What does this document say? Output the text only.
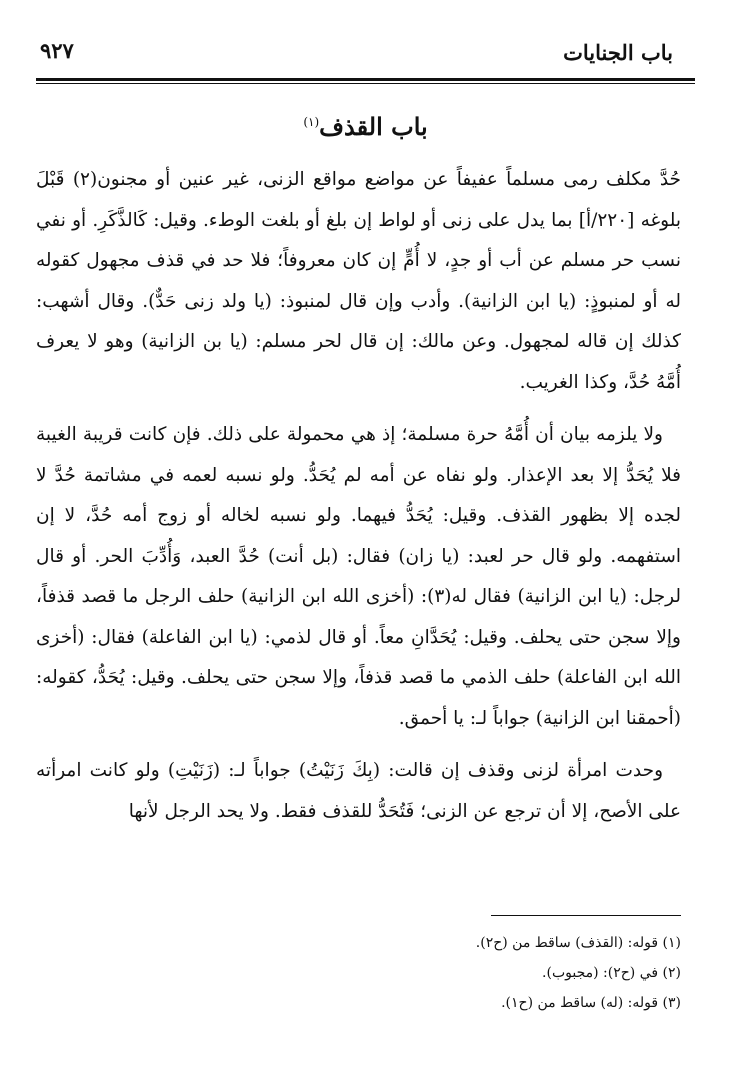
باب الجنايات
٩٢٧
باب القذف$^{(١)}$

حُدَّ مكلف رمى مسلماً عفيفاً عن مواضع مواقع الزنى، غير عنين أو مجنون(٢) قَبْلَ بلوغه [٢٢٠/أ] بما يدل على زنى أو لواط إن بلغ أو بلغت الوطء. وقيل: كَالذَّكَرِ. أو نفي نسب حر مسلم عن أب أو جدٍ، لا أُمٍّ إن كان معروفاً؛ فلا حد في قذف مجهول كقوله له أو لمنبوذٍ: (يا ابن الزانية). وأدب وإن قال لمنبوذ: (يا ولد زنى حَدٌّ). وقال أشهب: كذلك إن قاله لمجهول. وعن مالك: إن قال لحر مسلم: (يا بن الزانية) وهو لا يعرف أُمَّهُ حُدَّ، وكذا الغريب.

ولا يلزمه بيان أن أُمَّهُ حرة مسلمة؛ إذ هي محمولة على ذلك. فإن كانت قريبة الغيبة فلا يُحَدُّ إلا بعد الإعذار. ولو نفاه عن أمه لم يُحَدُّ. ولو نسبه لعمه في مشاتمة حُدَّ لا لجده إلا بظهور القذف. وقيل: يُحَدُّ فيهما. ولو نسبه لخاله أو زوج أمه حُدَّ، لا إن استفهمه. ولو قال حر لعبد: (يا زان) فقال: (بل أنت) حُدَّ العبد، وَأُدِّبَ الحر. أو قال لرجل: (يا ابن الزانية) فقال له(٣): (أخزى الله ابن الزانية) حلف الرجل ما قصد قذفاً، وإلا سجن حتى يحلف. وقيل: يُحَدَّانِ معاً. أو قال لذمي: (يا ابن الفاعلة) فقال: (أخزى الله ابن الفاعلة) حلف الذمي ما قصد قذفاً، وإلا سجن حتى يحلف. وقيل: يُحَدُّ، كقوله: (أحمقنا ابن الزانية) جواباً لـ: يا أحمق.

وحدت امرأة لزنى وقذف إن قالت: (بِكَ زَنَيْتُ) جواباً لـ: (زَنَيْتِ) ولو كانت امرأته على الأصح، إلا أن ترجع عن الزنى؛ فَتُحَدُّ للقذف فقط. ولا يحد الرجل لأنها

(١) قوله: (القذف) ساقط من (ح٢).

(٢) في (ح٢): (مجبوب).

(٣) قوله: (له) ساقط من (ح١).
